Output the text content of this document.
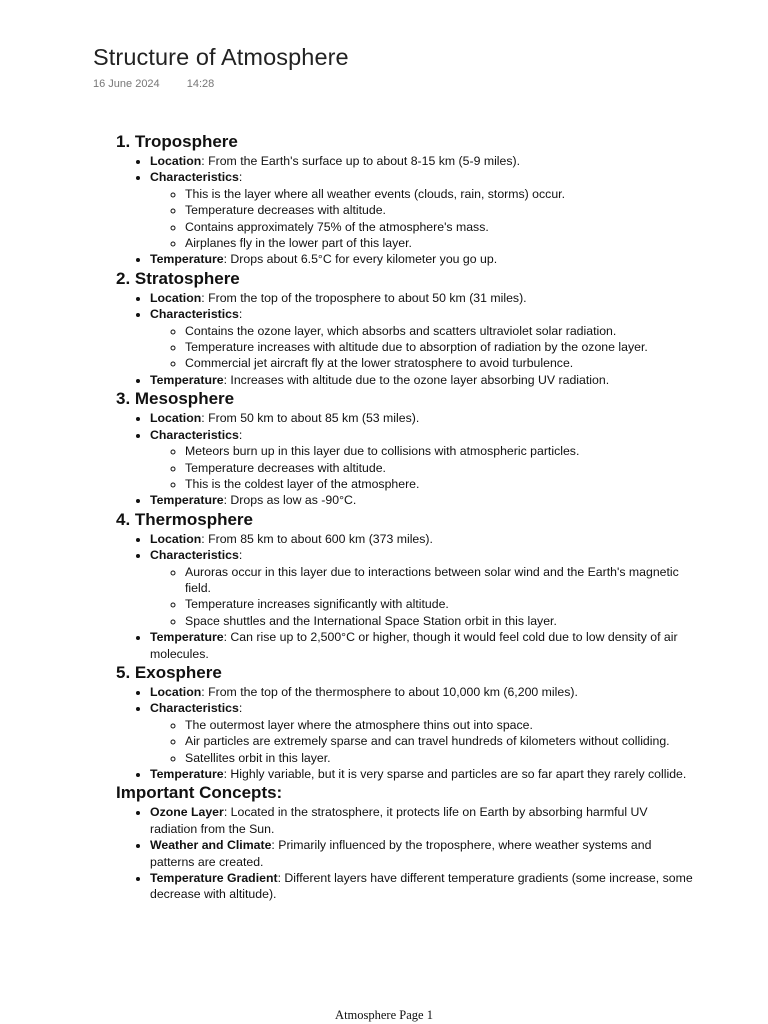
Structure of Atmosphere
16 June 2024 14:28
1. Troposphere
• Location: From the Earth's surface up to about 8-15 km (5-9 miles).
• Characteristics:
◦ This is the layer where all weather events (clouds, rain, storms) occur.
◦ Temperature decreases with altitude.
◦ Contains approximately 75% of the atmosphere's mass.
◦ Airplanes fly in the lower part of this layer.
• Temperature: Drops about 6.5°C for every kilometer you go up.
2. Stratosphere
• Location: From the top of the troposphere to about 50 km (31 miles).
• Characteristics:
◦ Contains the ozone layer, which absorbs and scatters ultraviolet solar radiation.
◦ Temperature increases with altitude due to absorption of radiation by the ozone layer.
◦ Commercial jet aircraft fly at the lower stratosphere to avoid turbulence.
• Temperature: Increases with altitude due to the ozone layer absorbing UV radiation.
3. Mesosphere
• Location: From 50 km to about 85 km (53 miles).
• Characteristics:
◦ Meteors burn up in this layer due to collisions with atmospheric particles.
◦ Temperature decreases with altitude.
◦ This is the coldest layer of the atmosphere.
• Temperature: Drops as low as -90°C.
4. Thermosphere
• Location: From 85 km to about 600 km (373 miles).
• Characteristics:
◦ Auroras occur in this layer due to interactions between solar wind and the Earth's magnetic field.
◦ Temperature increases significantly with altitude.
◦ Space shuttles and the International Space Station orbit in this layer.
• Temperature: Can rise up to 2,500°C or higher, though it would feel cold due to low density of air molecules.
5. Exosphere
• Location: From the top of the thermosphere to about 10,000 km (6,200 miles).
• Characteristics:
◦ The outermost layer where the atmosphere thins out into space.
◦ Air particles are extremely sparse and can travel hundreds of kilometers without colliding.
◦ Satellites orbit in this layer.
• Temperature: Highly variable, but it is very sparse and particles are so far apart they rarely collide.
Important Concepts:
• Ozone Layer: Located in the stratosphere, it protects life on Earth by absorbing harmful UV radiation from the Sun.
• Weather and Climate: Primarily influenced by the troposphere, where weather systems and patterns are created.
• Temperature Gradient: Different layers have different temperature gradients (some increase, some decrease with altitude).
Atmosphere Page 1
